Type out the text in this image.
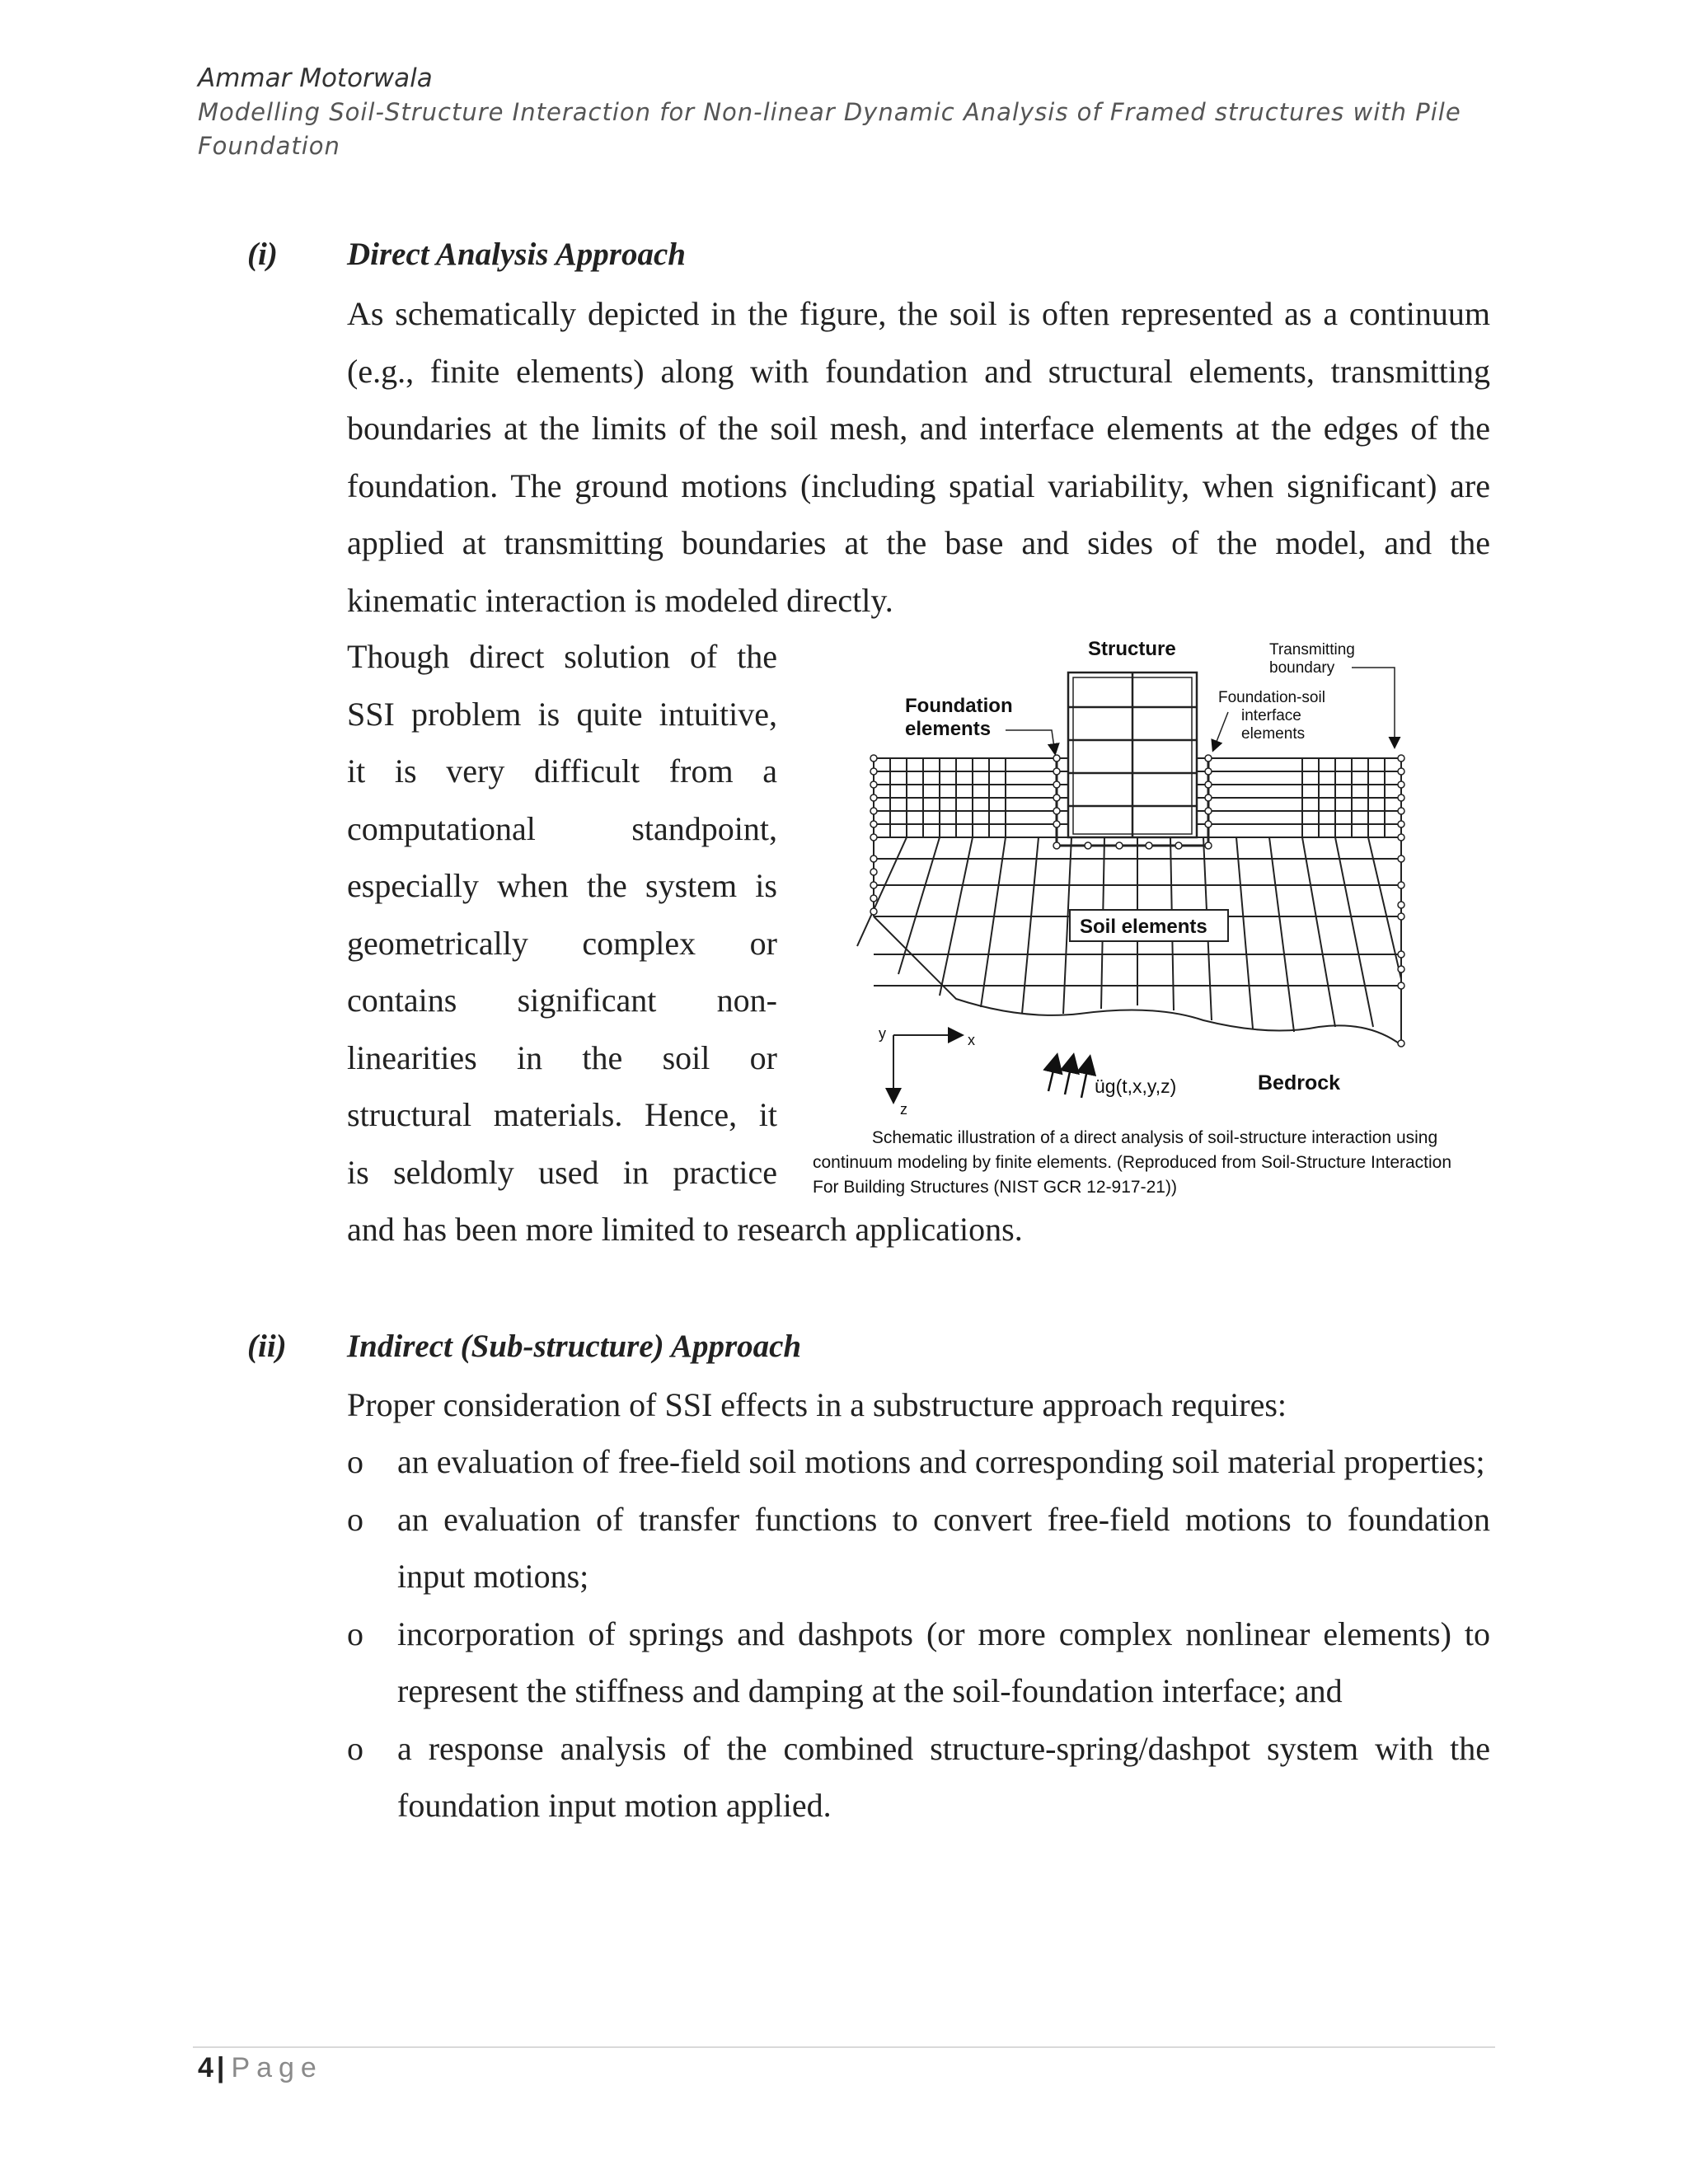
Ammar Motorwala
Modelling Soil-Structure Interaction for Non-linear Dynamic Analysis of Framed structures with Pile
Foundation
(i) Direct Analysis Approach

As schematically depicted in the figure, the soil is often represented as a continuum (e.g., finite elements) along with foundation and structural elements, transmitting boundaries at the limits of the soil mesh, and interface elements at the edges of the foundation. The ground motions (including spatial variability, when significant) are applied at transmitting boundaries at the base and sides of the model, and the kinematic interaction is modeled directly.

Though direct solution of the
SSI problem is quite intuitive,
it is very difficult from a
computational standpoint,
especially when the system is
geometrically complex or
contains significant non-
linearities in the soil or
structural materials. Hence, it
is seldomly used in practice

and has been more limited to research applications.

Structure	Transmitting
boundary
Foundation
elements
Foundation-soil
interface
elements
Soil elements
y	x
z
üg(t,x,y,z)	Bedrock
Schematic illustration of a direct analysis of soil-structure interaction using
continuum modeling by finite elements. (Reproduced from Soil-Structure Interaction
For Building Structures (NIST GCR 12-917-21))
(ii) Indirect (Sub-structure) Approach

Proper consideration of SSI effects in a substructure approach requires:

o an evaluation of free-field soil motions and corresponding soil material properties;
o an evaluation of transfer functions to convert free-field motions to foundation input motions;
o incorporation of springs and dashpots (or more complex nonlinear elements) to represent the stiffness and damping at the soil-foundation interface; and
o a response analysis of the combined structure-spring/dashpot system with the foundation input motion applied.
4 | Page
